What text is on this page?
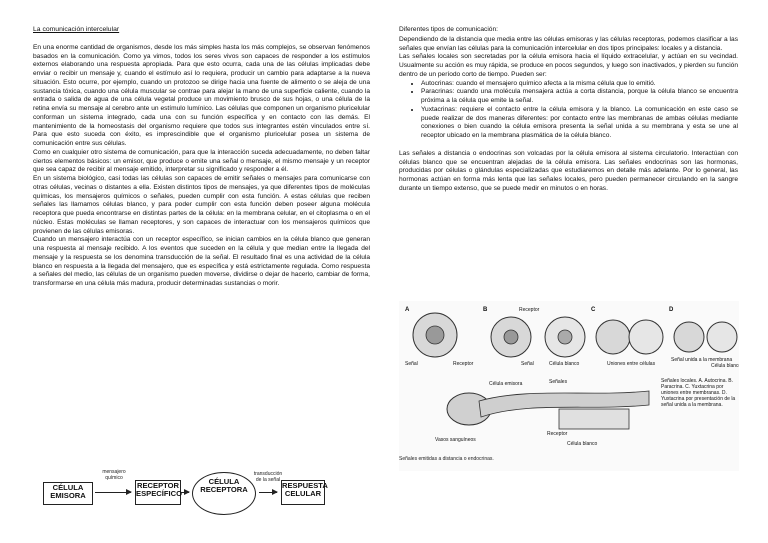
La comunicación intercelular

En una enorme cantidad de organismos, desde los más simples hasta los más complejos, se observan fenómenos basados en la comunicación. Como ya vimos, todos los seres vivos son capaces de responder a los estímulos externos elaborando una respuesta apropiada. Para que esto ocurra, cada una de las células implicadas debe enviar o recibir un mensaje y, cuando el estímulo así lo requiera, producir un cambio para adaptarse a la nueva situación. Esto ocurre, por ejemplo, cuando un protozoo se dirige hacia una fuente de alimento o se aleja de una sustancia tóxica, cuando una célula muscular se contrae para alejar la mano de una superficie caliente, cuando la entrada o salida de agua de una célula vegetal produce un movimiento brusco de sus hojas, o una célula de la retina envía su mensaje al cerebro ante un estímulo lumínico. Las células que componen un organismo pluricelular conforman un sistema integrado, cada una con su función específica y en contacto con las demás. El mantenimiento de la homeostasis del organismo requiere que todos sus integrantes estén vinculados entre sí. Para que esto suceda con éxito, es imprescindible que el organismo pluricelular posea un sistema de comunicación entre sus células.

Como en cualquier otro sistema de comunicación, para que la interacción suceda adecuadamente, no deben faltar ciertos elementos básicos: un emisor, que produce o emite una señal o mensaje, el mismo mensaje y un receptor que sea capaz de recibir al mensaje emitido, interpretar su significado y responder a él.

En un sistema biológico, casi todas las células son capaces de emitir señales o mensajes para comunicarse con otras células, vecinas o distantes a ella. Existen distintos tipos de mensajes, ya que diferentes tipos de moléculas químicas, los mensajeros químicos o señales, pueden cumplir con esta función. A estas células que reciben señales las llamamos células blanco, y para poder cumplir con esta función deben poseer alguna molécula receptora que pueda encontrarse en distintas partes de la célula: en la membrana celular, en el citoplasma o en el núcleo. Estas moléculas se llaman receptores, y son capaces de interactuar con los mensajeros químicos que provienen de las células emisoras.

Cuando un mensajero interactúa con un receptor específico, se inician cambios en la célula blanco que generan una respuesta al mensaje recibido. A los eventos que suceden en la célula y que median entre la llegada del mensaje y la respuesta se los denomina transducción de la señal. El resultado final es una actividad de la célula blanco en respuesta a la llegada del mensajero, que es específica y está estrictamente regulada. Como respuesta a señales del medio, las células de un organismo pueden moverse, dividirse o dejar de hacerlo, cambiar de forma, transformarse en una célula más madura, producir determinadas sustancias o morir.

Diferentes tipos de comunicación:

Dependiendo de la distancia que media entre las células emisoras y las células receptoras, podemos clasificar a las señales que envían las células para la comunicación intercelular en dos tipos principales: locales y a distancia.

Las señales locales son secretadas por la célula emisora hacia el líquido extracelular, y actúan en su vecindad. Usualmente su acción es muy rápida, se produce en pocos segundos, y luego son inactivados, y pierden su función dentro de un período corto de tiempo. Pueden ser:

• Autocrinas: cuando el mensajero químico afecta a la misma célula que lo emitió.
• Paracrinas: cuando una molécula mensajera actúa a corta distancia, porque la célula blanco se encuentra próxima a la célula que emite la señal.
• Yuxtacrinas: requiere el contacto entre la célula emisora y la blanco. La comunicación en este caso se puede realizar de dos maneras diferentes: por contacto entre las membranas de ambas células mediante conexiones o bien cuando la célula emisora presenta la señal unida a su membrana y esta se une al receptor ubicado en la membrana plasmática de la célula blanco.

Las señales a distancia o endocrinas son volcadas por la célula emisora al sistema circulatorio. Interactúan con células blanco que se encuentran alejadas de la célula emisora. Las señales endocrinas son las hormonas, producidas por células o glándulas especializadas que estudiaremos en detalle más adelante. Por lo general, las hormonas actúan en forma más lenta que las señales locales, pero pueden permanecer circulando en la sangre durante un tiempo extenso, que se puede medir en minutos o en horas.

A
Señal	Receptor
B	Receptor
Señal	Célula blanco
C
Uniones entre células
D
Señal unida a la membrana
Célula blanco
Célula emisora	Señales
Vasos sanguíneos
Receptor
Célula blanco
Señales locales. A. Autocrina. B. Paracrina. C. Yuxtacrina por uniones entre membranas. D. Yuxtacrina por presentación de la señal unida a la membrana.
Señales emitidas a distancia o endocrinas.
CÉLULA EMISORA
mensajero químico
RECEPTOR ESPECÍFICO
CÉLULA RECEPTORA
transducción de la señal
RESPUESTA CELULAR
